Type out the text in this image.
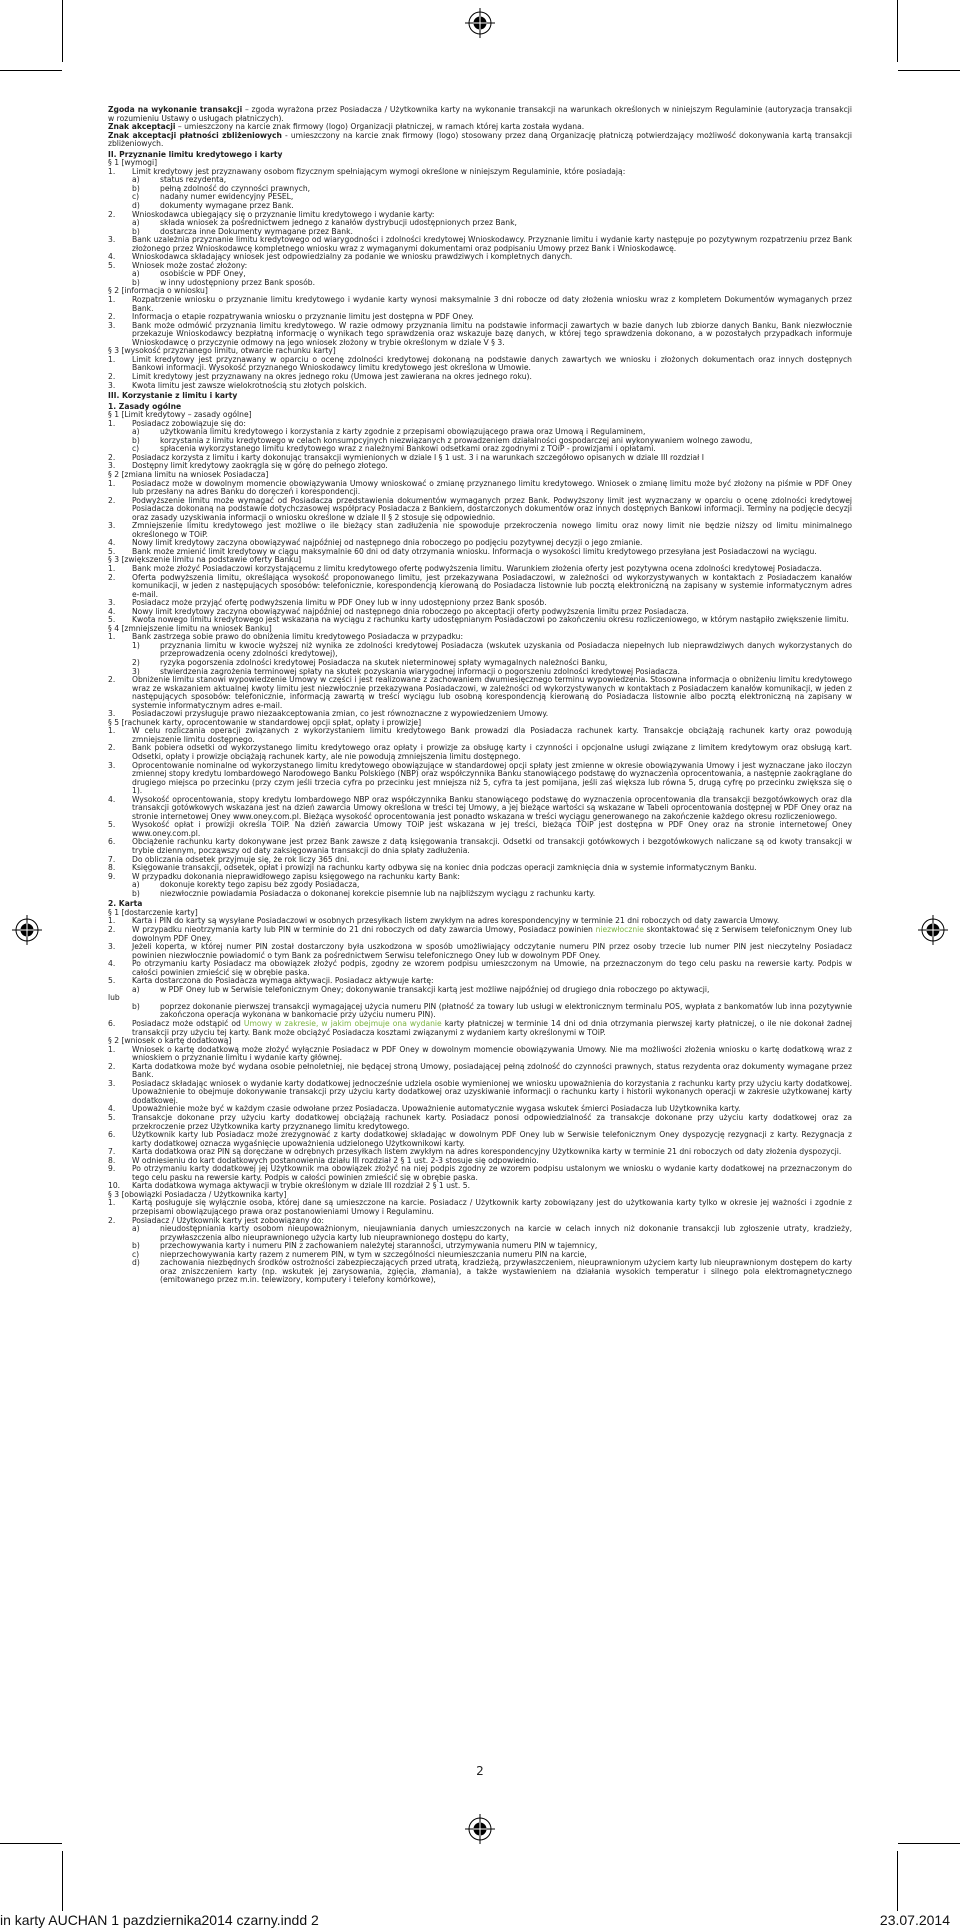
Zgoda na wykonanie transakcji – zgoda wyrażona przez Posiadacza / Użytkownika karty na wykonanie transakcji na warunkach określonych w niniejszym Regulaminie (autoryzacja transakcji w rozumieniu Ustawy o usługach płatniczych).
Znak akceptacji – umieszczony na karcie znak firmowy (logo) Organizacji płatniczej, w ramach której karta została wydana.
Znak akceptacji płatności zbliżeniowych - umieszczony na karcie znak firmowy (logo) stosowany przez daną Organizację płatniczą potwierdzający możliwość dokonywania kartą transakcji zbliżeniowych.
II. Przyznanie limitu kredytowego i karty
§ 1 [wymogi]
1.	Limit kredytowy jest przyznawany osobom fizycznym spełniającym wymogi określone w niniejszym Regulaminie, które posiadają:
a)	status rezydenta,
b)	pełną zdolność do czynności prawnych,
c)	nadany numer ewidencyjny PESEL,
d)	dokumenty wymagane przez Bank.
2.	Wnioskodawca ubiegający się o przyznanie limitu kredytowego i wydanie karty:
a)	składa wniosek za pośrednictwem jednego z kanałów dystrybucji udostępnionych przez Bank,
b)	dostarcza inne Dokumenty wymagane przez Bank.
3.	Bank uzależnia przyznanie limitu kredytowego od wiarygodności i zdolności kredytowej Wnioskodawcy. Przyznanie limitu i wydanie karty następuje po pozytywnym rozpatrzeniu przez Bank złożonego przez Wnioskodawcę kompletnego wniosku wraz z wymaganymi dokumentami oraz podpisaniu Umowy przez Bank i Wnioskodawcę.
4.	Wnioskodawca składający wniosek jest odpowiedzialny za podanie we wniosku prawdziwych i kompletnych danych.
5.	Wniosek może zostać złożony:
a)	osobiście w PDF Oney,
b)	w inny udostępniony przez Bank sposób.
§ 2 [informacja o wniosku]
1.	Rozpatrzenie wniosku o przyznanie limitu kredytowego i wydanie karty wynosi maksymalnie 3 dni robocze od daty złożenia wniosku wraz z kompletem Dokumentów wymaganych przez Bank.
2.	Informacja o etapie rozpatrywania wniosku o przyznanie limitu jest dostępna w PDF Oney.
3.	Bank może odmówić przyznania limitu kredytowego. W razie odmowy przyznania limitu na podstawie informacji zawartych w bazie danych lub zbiorze danych Banku, Bank niezwłocznie przekazuje Wnioskodawcy bezpłatną informację o wynikach tego sprawdzenia oraz wskazuje bazę danych, w której tego sprawdzenia dokonano, a w pozostałych przypadkach informuje Wnioskodawcę o przyczynie odmowy na jego wniosek złożony w trybie określonym w dziale V § 3.
§ 3 [wysokość przyznanego limitu, otwarcie rachunku karty]
1.	Limit kredytowy jest przyznawany w oparciu o ocenę zdolności kredytowej dokonaną na podstawie danych zawartych we wniosku i złożonych dokumentach oraz innych dostępnych Bankowi informacji. Wysokość przyznanego Wnioskodawcy limitu kredytowego jest określona w Umowie.
2.	Limit kredytowy jest przyznawany na okres jednego roku (Umowa jest zawierana na okres jednego roku).
3.	Kwota limitu jest zawsze wielokrotnością stu złotych polskich.
III. Korzystanie z limitu i karty
1. Zasady ogólne
§ 1 [Limit kredytowy – zasady ogólne]
1.	Posiadacz zobowiązuje się do:
a)	użytkowania limitu kredytowego i korzystania z karty zgodnie z przepisami obowiązującego prawa oraz Umową i Regulaminem,
b)	korzystania z limitu kredytowego w celach konsumpcyjnych niezwiązanych z prowadzeniem działalności gospodarczej ani wykonywaniem wolnego zawodu,
c)	spłacenia wykorzystanego limitu kredytowego wraz z należnymi Bankowi odsetkami oraz zgodnymi z TOiP - prowizjami i opłatami.
2.	Posiadacz korzysta z limitu i karty dokonując transakcji wymienionych w dziale I § 1 ust. 3 i na warunkach szczegółowo opisanych w dziale III rozdział I
3.	Dostępny limit kredytowy zaokrągla się w górę do pełnego złotego.
§ 2 [zmiana limitu na wniosek Posiadacza]
1.	Posiadacz może w dowolnym momencie obowiązywania Umowy wnioskować o zmianę przyznanego limitu kredytowego. Wniosek o zmianę limitu może być złożony na piśmie w PDF Oney lub przesłany na adres Banku do doręczeń i korespondencji.
2.	Podwyższenie limitu może wymagać od Posiadacza przedstawienia dokumentów wymaganych przez Bank. Podwyższony limit jest wyznaczany w oparciu o ocenę zdolności kredytowej Posiadacza dokonaną na podstawie dotychczasowej współpracy Posiadacza z Bankiem, dostarczonych dokumentów oraz innych dostępnych Bankowi informacji. Terminy na podjęcie decyzji oraz zasady uzyskiwania informacji o wniosku określone w dziale II § 2 stosuje się odpowiednio.
3.	Zmniejszenie limitu kredytowego jest możliwe o ile bieżący stan zadłużenia nie spowoduje przekroczenia nowego limitu oraz nowy limit nie będzie niższy od limitu minimalnego określonego w TOiP.
4.	Nowy limit kredytowy zaczyna obowiązywać najpóźniej od następnego dnia roboczego po podjęciu pozytywnej decyzji o jego zmianie.
5.	Bank może zmienić limit kredytowy w ciągu maksymalnie 60 dni od daty otrzymania wniosku. Informacja o wysokości limitu kredytowego przesyłana jest Posiadaczowi na wyciągu.
§ 3 [zwiększenie limitu na podstawie oferty Banku]
1.	Bank może złożyć Posiadaczowi korzystającemu z limitu kredytowego ofertę podwyższenia limitu. Warunkiem złożenia oferty jest pozytywna ocena zdolności kredytowej Posiadacza.
2.	Oferta podwyższenia limitu, określająca wysokość proponowanego limitu, jest przekazywana Posiadaczowi, w zależności od wykorzystywanych w kontaktach z Posiadaczem kanałów komunikacji, w jeden z następujących sposobów: telefonicznie, korespondencją kierowaną do Posiadacza listownie lub pocztą elektroniczną na zapisany w systemie informatycznym adres e-mail.
3.	Posiadacz może przyjąć ofertę podwyższenia limitu w PDF Oney lub w inny udostępniony przez Bank sposób.
4.	Nowy limit kredytowy zaczyna obowiązywać najpóźniej od następnego dnia roboczego po akceptacji oferty podwyższenia limitu przez Posiadacza.
5.	Kwota nowego limitu kredytowego jest wskazana na wyciągu z rachunku karty udostępnianym Posiadaczowi po zakończeniu okresu rozliczeniowego, w którym nastąpiło zwiększenie limitu.
§ 4 [zmniejszenie limitu na wniosek Banku]
1.	Bank zastrzega sobie prawo do obniżenia limitu kredytowego Posiadacza w przypadku:
1)	przyznania limitu w kwocie wyższej niż wynika ze zdolności kredytowej Posiadacza (wskutek uzyskania od Posiadacza niepełnych lub nieprawdziwych danych wykorzystanych do przeprowadzenia oceny zdolności kredytowej),
2)	ryzyka pogorszenia zdolności kredytowej Posiadacza na skutek nieterminowej spłaty wymagalnych należności Banku,
3)	stwierdzenia zagrożenia terminowej spłaty na skutek pozyskania wiarygodnej informacji o pogorszeniu zdolności kredytowej Posiadacza.
2.	Obniżenie limitu stanowi wypowiedzenie Umowy w części i jest realizowane z zachowaniem dwumiesięcznego terminu wypowiedzenia. Stosowna informacja o obniżeniu limitu kredytowego wraz ze wskazaniem aktualnej kwoty limitu jest niezwłocznie przekazywana Posiadaczowi, w zależności od wykorzystywanych w kontaktach z Posiadaczem kanałów komunikacji, w jeden z następujących sposobów: telefonicznie, informacją zawartą w treści wyciągu lub osobną korespondencją kierowaną do Posiadacza listownie albo pocztą elektroniczną na zapisany w systemie informatycznym adres e-mail.
3.	Posiadaczowi przysługuje prawo niezaakceptowania zmian, co jest równoznaczne z wypowiedzeniem Umowy.
§ 5 [rachunek karty, oprocentowanie w standardowej opcji spłat, opłaty i prowizje]
1.	W celu rozliczania operacji związanych z wykorzystaniem limitu kredytowego Bank prowadzi dla Posiadacza rachunek karty. Transakcje obciążają rachunek karty oraz powodują zmniejszenie limitu dostępnego.
2.	Bank pobiera odsetki od wykorzystanego limitu kredytowego oraz opłaty i prowizje za obsługę karty i czynności i opcjonalne usługi związane z limitem kredytowym oraz obsługą kart. Odsetki, opłaty i prowizje obciążają rachunek karty, ale nie powodują zmniejszenia limitu dostępnego.
3.	Oprocentowanie nominalne od wykorzystanego limitu kredytowego obowiązujące w standardowej opcji spłaty jest zmienne w okresie obowiązywania Umowy i jest wyznaczane jako iloczyn zmiennej stopy kredytu lombardowego Narodowego Banku Polskiego (NBP) oraz współczynnika Banku stanowiącego podstawę do wyznaczenia oprocentowania, a następnie zaokrąglane do drugiego miejsca po przecinku (przy czym jeśli trzecia cyfra po przecinku jest mniejsza niż 5, cyfra ta jest pomijana, jeśli zaś większa lub równa 5, drugą cyfrę po przecinku zwiększa się o 1).
4.	Wysokość oprocentowania, stopy kredytu lombardowego NBP oraz współczynnika Banku stanowiącego podstawę do wyznaczenia oprocentowania dla transakcji bezgotówkowych oraz dla transakcji gotówkowych wskazana jest na dzień zawarcia Umowy określona w treści tej Umowy, a jej bieżące wartości są wskazane w Tabeli oprocentowania dostępnej w PDF Oney oraz na stronie internetowej Oney www.oney.com.pl. Bieżąca wysokość oprocentowania jest ponadto wskazana w treści wyciągu generowanego na zakończenie każdego okresu rozliczeniowego.
5.	Wysokość opłat i prowizji określa TOiP. Na dzień zawarcia Umowy TOiP jest wskazana w jej treści, bieżąca TOiP jest dostępna w PDF Oney oraz na stronie internetowej Oney www.oney.com.pl.
6.	Obciążenie rachunku karty dokonywane jest przez Bank zawsze z datą księgowania transakcji. Odsetki od transakcji gotówkowych i bezgotówkowych naliczane są od kwoty transakcji w trybie dziennym, począwszy od daty zaksięgowania transakcji do dnia spłaty zadłużenia.
7.	Do obliczania odsetek przyjmuje się, że rok liczy 365 dni.
8.	Księgowanie transakcji, odsetek, opłat i prowizji na rachunku karty odbywa się na koniec dnia podczas operacji zamknięcia dnia w systemie informatycznym Banku.
9.	W przypadku dokonania nieprawidłowego zapisu księgowego na rachunku karty Bank:
a)	dokonuje korekty tego zapisu bez zgody Posiadacza,
b)	niezwłocznie powiadamia Posiadacza o dokonanej korekcie pisemnie lub na najbliższym wyciągu z rachunku karty.
2. Karta
§ 1 [dostarczenie karty]
1.	Karta i PIN do karty są wysyłane Posiadaczowi w osobnych przesyłkach listem zwykłym na adres korespondencyjny w terminie 21 dni roboczych od daty zawarcia Umowy.
2.	W przypadku nieotrzymania karty lub PIN w terminie do 21 dni roboczych od daty zawarcia Umowy, Posiadacz powinien niezwłocznie skontaktować się z Serwisem telefonicznym Oney lub dowolnym PDF Oney.
3.	Jeżeli koperta, w której numer PIN został dostarczony była uszkodzona w sposób umożliwiający odczytanie numeru PIN przez osoby trzecie lub numer PIN jest nieczytelny Posiadacz powinien niezwłocznie powiadomić o tym Bank za pośrednictwem Serwisu telefonicznego Oney lub w dowolnym PDF Oney.
4.	Po otrzymaniu karty Posiadacz ma obowiązek złożyć podpis, zgodny ze wzorem podpisu umieszczonym na Umowie, na przeznaczonym do tego celu pasku na rewersie karty. Podpis w całości powinien zmieścić się w obrębie paska.
5.	Karta dostarczona do Posiadacza wymaga aktywacji. Posiadacz aktywuje kartę:
a)	w PDF Oney lub w Serwisie telefonicznym Oney; dokonywanie transakcji kartą jest możliwe najpóźniej od drugiego dnia roboczego po aktywacji,
lub
b)	poprzez dokonanie pierwszej transakcji wymagającej użycia numeru PIN (płatność za towary lub usługi w elektronicznym terminalu POS, wypłata z bankomatów lub inna pozytywnie zakończona operacja wykonana w bankomacie przy użyciu numeru PIN).
6.	Posiadacz może odstąpić od Umowy w zakresie, w jakim obejmuje ona wydanie karty płatniczej w terminie 14 dni od dnia otrzymania pierwszej karty płatniczej, o ile nie dokonał żadnej transakcji przy użyciu tej karty. Bank może obciążyć Posiadacza kosztami związanymi z wydaniem karty określonymi w TOiP.
§ 2 [wniosek o kartę dodatkową]
1.	Wniosek o kartę dodatkową może złożyć wyłącznie Posiadacz w PDF Oney w dowolnym momencie obowiązywania Umowy. Nie ma możliwości złożenia wniosku o kartę dodatkową wraz z wnioskiem o przyznanie limitu i wydanie karty głównej.
2.	Karta dodatkowa może być wydana osobie pełnoletniej, nie będącej stroną Umowy, posiadającej pełną zdolność do czynności prawnych, status rezydenta oraz dokumenty wymagane przez Bank.
3.	Posiadacz składając wniosek o wydanie karty dodatkowej jednocześnie udziela osobie wymienionej we wniosku upoważnienia do korzystania z rachunku karty przy użyciu karty dodatkowej. Upoważnienie to obejmuje dokonywanie transakcji przy użyciu karty dodatkowej oraz uzyskiwanie informacji o rachunku karty i historii wykonanych operacji w zakresie użytkowanej karty dodatkowej.
4.	Upoważnienie może być w każdym czasie odwołane przez Posiadacza. Upoważnienie automatycznie wygasa wskutek śmierci Posiadacza lub Użytkownika karty.
5.	Transakcje dokonane przy użyciu karty dodatkowej obciążają rachunek karty. Posiadacz ponosi odpowiedzialność za transakcje dokonane przy użyciu karty dodatkowej oraz za przekroczenie przez Użytkownika karty przyznanego limitu kredytowego.
6.	Użytkownik karty lub Posiadacz może zrezygnować z karty dodatkowej składając w dowolnym PDF Oney lub w Serwisie telefonicznym Oney dyspozycję rezygnacji z karty. Rezygnacja z karty dodatkowej oznacza wygaśnięcie upoważnienia udzielonego Użytkownikowi karty.
7.	Karta dodatkowa oraz PIN są doręczane w odrębnych przesyłkach listem zwykłym na adres korespondencyjny Użytkownika karty w terminie 21 dni roboczych od daty złożenia dyspozycji.
8.	W odniesieniu do kart dodatkowych postanowienia działu III rozdział 2 § 1 ust. 2-3 stosuje się odpowiednio.
9.	Po otrzymaniu karty dodatkowej jej Użytkownik ma obowiązek złożyć na niej podpis zgodny ze wzorem podpisu ustalonym we wniosku o wydanie karty dodatkowej na przeznaczonym do tego celu pasku na rewersie karty. Podpis w całości powinien zmieścić się w obrębie paska.
10.	Karta dodatkowa wymaga aktywacji w trybie określonym w dziale III rozdział 2 § 1 ust. 5.
§ 3 [obowiązki Posiadacza / Użytkownika karty]
1.	Kartą posługuje się wyłącznie osoba, której dane są umieszczone na karcie. Posiadacz / Użytkownik karty zobowiązany jest do użytkowania karty tylko w okresie jej ważności i zgodnie z przepisami obowiązującego prawa oraz postanowieniami Umowy i Regulaminu.
2.	Posiadacz / Użytkownik karty jest zobowiązany do:
a)	nieudostępniania karty osobom nieupoważnionym, nieujawniania danych umieszczonych na karcie w celach innych niż dokonanie transakcji lub zgłoszenie utraty, kradzieży, przywłaszczenia albo nieuprawnionego użycia karty lub nieuprawnionego dostępu do karty,
b)	przechowywania karty i numeru PIN z zachowaniem należytej staranności, utrzymywania numeru PIN w tajemnicy,
c)	nieprzechowywania karty razem z numerem PIN, w tym w szczególności nieumieszczania numeru PIN na karcie,
d)	zachowania niezbędnych środków ostrożności zabezpieczających przed utratą, kradzieżą, przywłaszczeniem, nieuprawnionym użyciem karty lub nieuprawnionym dostępem do karty oraz zniszczeniem karty (np. wskutek jej zarysowania, zgięcia, złamania), a także wystawieniem na działania wysokich temperatur i silnego pola elektromagnetycznego (emitowanego przez m.in. telewizory, komputery i telefony komórkowe),
2
in karty AUCHAN 1 pazdziernika2014 czarny.indd 2	23.07.2014
